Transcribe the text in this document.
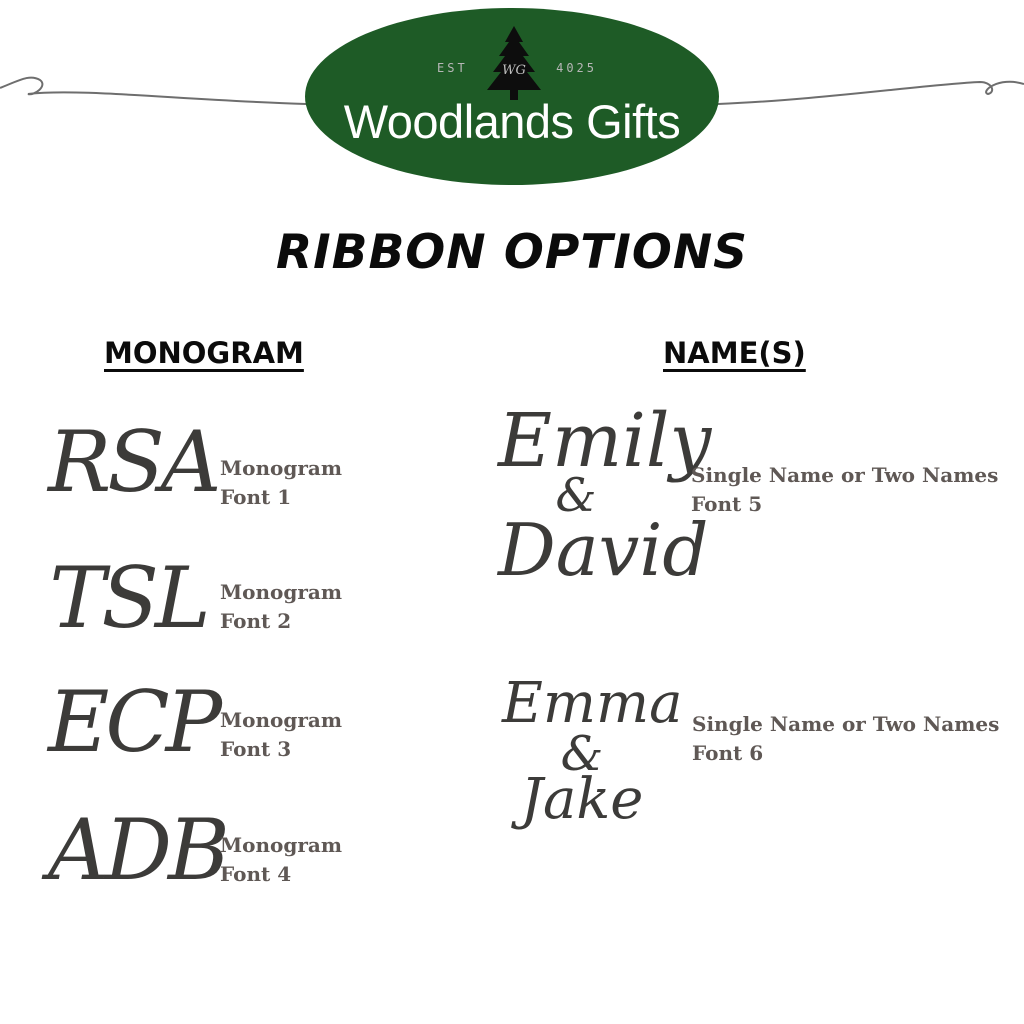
EST	4025
WG
Woodlands Gifts
RIBBON OPTIONS
MONOGRAM	NAME(S)
RSA Monogram
Font 1
TSL Monogram
Font 2
ECP Monogram
Font 3
ADB
Monogram
Font 4
Emily
&
David
Single Name or Two Names
Font 5
Emma
&
Jake
Single Name or Two Names
Font 6
